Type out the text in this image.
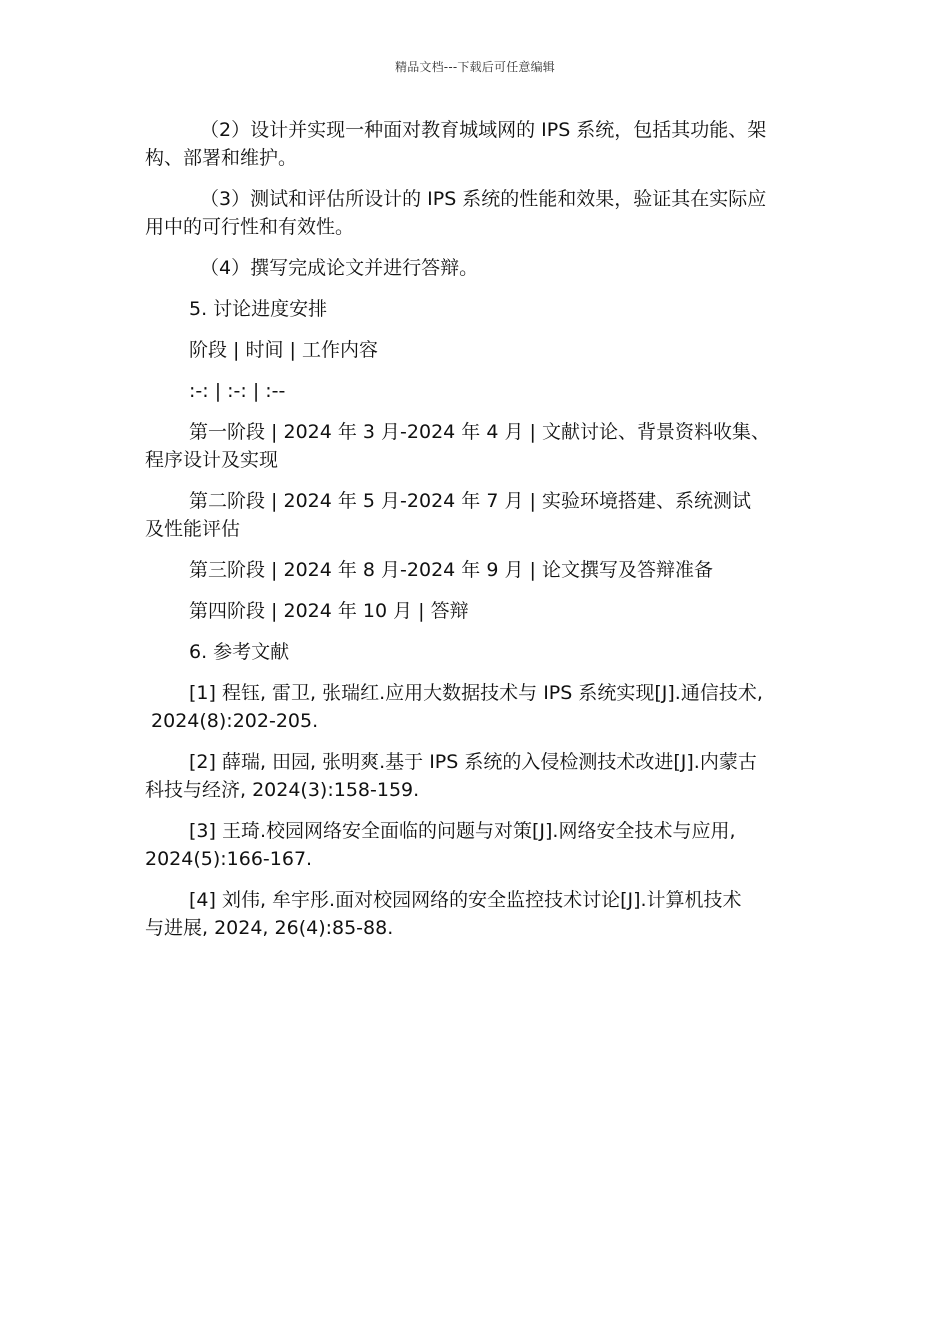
精品文档---下载后可任意编辑

（2）设计并实现一种面对教育城域网的 IPS 系统，包括其功能、架
构、部署和维护。

（3）测试和评估所设计的 IPS 系统的性能和效果，验证其在实际应
用中的可行性和有效性。

（4）撰写完成论文并进行答辩。

5. 讨论进度安排

阶段 | 时间 | 工作内容

:-: | :-: | :--

第一阶段 | 2024 年 3 月-2024 年 4 月 | 文献讨论、背景资料收集、
程序设计及实现

第二阶段 | 2024 年 5 月-2024 年 7 月 | 实验环境搭建、系统测试
及性能评估

第三阶段 | 2024 年 8 月-2024 年 9 月 | 论文撰写及答辩准备

第四阶段 | 2024 年 10 月 | 答辩

6. 参考文献

[1] 程钰, 雷卫, 张瑞红.应用大数据技术与 IPS 系统实现[J].通信技术,
2024(8):202-205.

[2] 薛瑞, 田园, 张明爽.基于 IPS 系统的入侵检测技术改进[J].内蒙古
科技与经济, 2024(3):158-159.

[3] 王琦.校园网络安全面临的问题与对策[J].网络安全技术与应用,
2024(5):166-167.

[4] 刘伟, 牟宇彤.面对校园网络的安全监控技术讨论[J].计算机技术
与进展, 2024, 26(4):85-88.
